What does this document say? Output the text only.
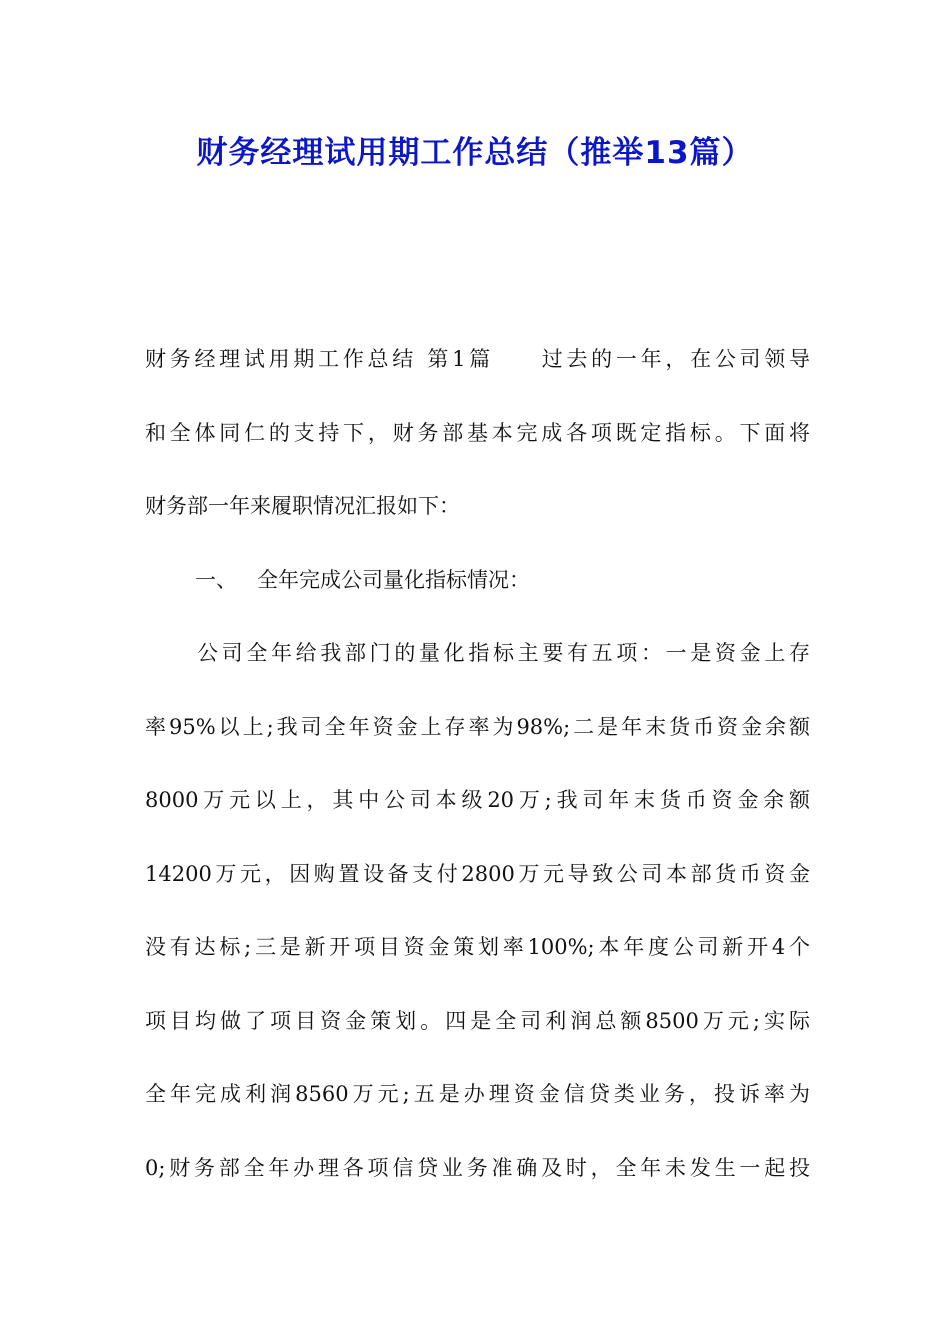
财务经理试用期工作总结（推举13篇）
财务经理试用期工作总结 第1篇 过去的一年，在公司领导
和全体同仁的支持下，财务部基本完成各项既定指标。下面将
财务部一年来履职情况汇报如下：
一、 全年完成公司量化指标情况：
公司全年给我部门的量化指标主要有五项：一是资金上存
率95%以上;我司全年资金上存率为98%;二是年末货币资金余额
8000万元以上，其中公司本级20万;我司年末货币资金余额
14200万元，因购置设备支付2800万元导致公司本部货币资金
没有达标;三是新开项目资金策划率100%;本年度公司新开4个
项目均做了项目资金策划。四是全司利润总额8500万元;实际
全年完成利润8560万元;五是办理资金信贷类业务，投诉率为
0;财务部全年办理各项信贷业务准确及时，全年未发生一起投
